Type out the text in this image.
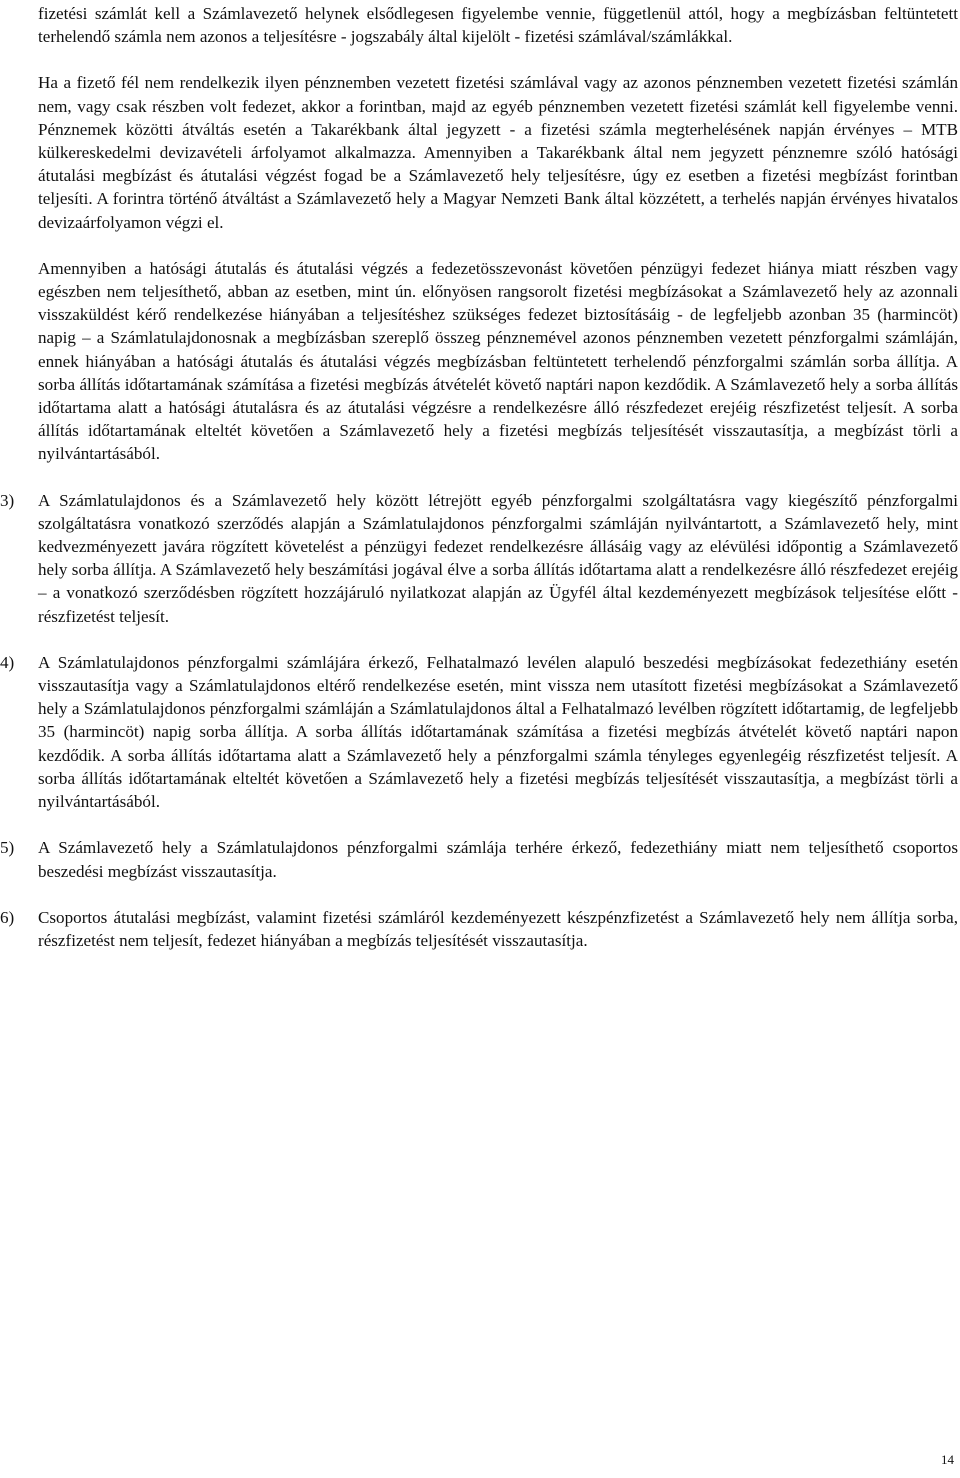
fizetési számlát kell a Számlavezető helynek elsődlegesen figyelembe vennie, függetlenül attól, hogy a megbízásban feltüntetett terhelendő számla nem azonos a teljesítésre - jogszabály által kijelölt - fizetési számlával/számlákkal.

Ha a fizető fél nem rendelkezik ilyen pénznemben vezetett fizetési számlával vagy az azonos pénznemben vezetett fizetési számlán nem, vagy csak részben volt fedezet, akkor a forintban, majd az egyéb pénznemben vezetett fizetési számlát kell figyelembe venni. Pénznemek közötti átváltás esetén a Takarékbank által jegyzett - a fizetési számla megterhelésének napján érvényes – MTB külkereskedelmi devizavételi árfolyamot alkalmazza. Amennyiben a Takarékbank által nem jegyzett pénznemre szóló hatósági átutalási megbízást és átutalási végzést fogad be a Számlavezető hely teljesítésre, úgy ez esetben a fizetési megbízást forintban teljesíti. A forintra történő átváltást a Számlavezető hely a Magyar Nemzeti Bank által közzétett, a terhelés napján érvényes hivatalos devizaárfolyamon végzi el.

Amennyiben a hatósági átutalás és átutalási végzés a fedezetösszevonást követően pénzügyi fedezet hiánya miatt részben vagy egészben nem teljesíthető, abban az esetben, mint ún. előnyösen rangsorolt fizetési megbízásokat a Számlavezető hely az azonnali visszaküldést kérő rendelkezése hiányában a teljesítéshez szükséges fedezet biztosításáig - de legfeljebb azonban 35 (harmincöt) napig – a Számlatulajdonosnak a megbízásban szereplő összeg pénznemével azonos pénznemben vezetett pénzforgalmi számláján, ennek hiányában a hatósági átutalás és átutalási végzés megbízásban feltüntetett terhelendő pénzforgalmi számlán sorba állítja. A sorba állítás időtartamának számítása a fizetési megbízás átvételét követő naptári napon kezdődik. A Számlavezető hely a sorba állítás időtartama alatt a hatósági átutalásra és az átutalási végzésre a rendelkezésre álló részfedezet erejéig részfizetést teljesít. A sorba állítás időtartamának elteltét követően a Számlavezető hely a fizetési megbízás teljesítését visszautasítja, a megbízást törli a nyilvántartásából.

3)	A Számlatulajdonos és a Számlavezető hely között létrejött egyéb pénzforgalmi szolgáltatásra vagy kiegészítő pénzforgalmi szolgáltatásra vonatkozó szerződés alapján a Számlatulajdonos pénzforgalmi számláján nyilvántartott, a Számlavezető hely, mint kedvezményezett javára rögzített követelést a pénzügyi fedezet rendelkezésre állásáig vagy az elévülési időpontig a Számlavezető hely sorba állítja. A Számlavezető hely beszámítási jogával élve a sorba állítás időtartama alatt a rendelkezésre álló részfedezet erejéig – a vonatkozó szerződésben rögzített hozzájáruló nyilatkozat alapján az Ügyfél által kezdeményezett megbízások teljesítése előtt - részfizetést teljesít.
4)	A Számlatulajdonos pénzforgalmi számlájára érkező, Felhatalmazó levélen alapuló beszedési megbízásokat fedezethiány esetén visszautasítja vagy a Számlatulajdonos eltérő rendelkezése esetén, mint vissza nem utasított fizetési megbízásokat a Számlavezető hely a Számlatulajdonos pénzforgalmi számláján a Számlatulajdonos által a Felhatalmazó levélben rögzített időtartamig, de legfeljebb 35 (harmincöt) napig sorba állítja. A sorba állítás időtartamának számítása a fizetési megbízás átvételét követő naptári napon kezdődik. A sorba állítás időtartama alatt a Számlavezető hely a pénzforgalmi számla tényleges egyenlegéig részfizetést teljesít. A sorba állítás időtartamának elteltét követően a Számlavezető hely a fizetési megbízás teljesítését visszautasítja, a megbízást törli a nyilvántartásából.
5)	A Számlavezető hely a Számlatulajdonos pénzforgalmi számlája terhére érkező, fedezethiány miatt nem teljesíthető csoportos beszedési megbízást visszautasítja.
6)	Csoportos átutalási megbízást, valamint fizetési számláról kezdeményezett készpénzfizetést a Számlavezető hely nem állítja sorba, részfizetést nem teljesít, fedezet hiányában a megbízás teljesítését visszautasítja.
14
